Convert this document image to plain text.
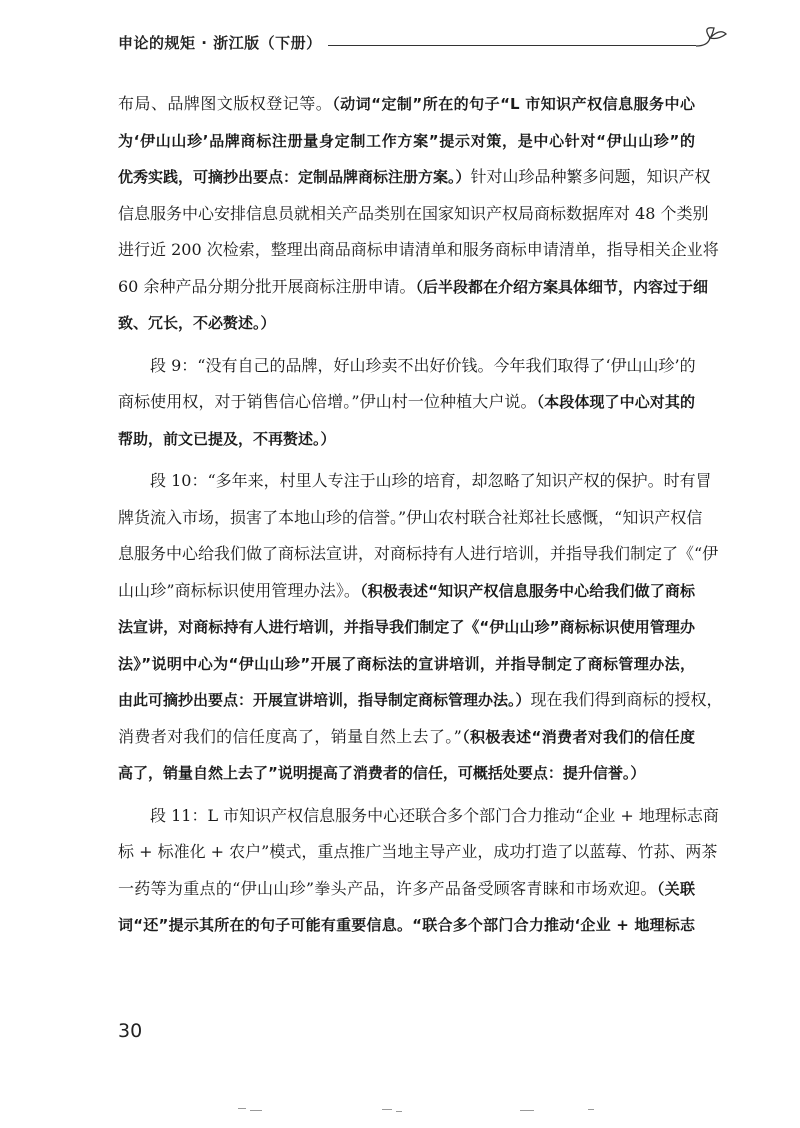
申论的规矩 · 浙江版（下册）
布局、品牌图文版权登记等。（动词“定制”所在的句子“L 市知识产权信息服务中心
为‘伊山山珍’品牌商标注册量身定制工作方案”提示对策，是中心针对“伊山山珍”的
优秀实践，可摘抄出要点：定制品牌商标注册方案。）针对山珍品种繁多问题，知识产权
信息服务中心安排信息员就相关产品类别在国家知识产权局商标数据库对 48 个类别
进行近 200 次检索，整理出商品商标申请清单和服务商标申请清单，指导相关企业将
60 余种产品分期分批开展商标注册申请。（后半段都在介绍方案具体细节，内容过于细
致、冗长，不必赘述。）
段 9：“没有自己的品牌，好山珍卖不出好价钱。今年我们取得了‘伊山山珍’的
商标使用权，对于销售信心倍增。”伊山村一位种植大户说。（本段体现了中心对其的
帮助，前文已提及，不再赘述。）
段 10：“多年来，村里人专注于山珍的培育，却忽略了知识产权的保护。时有冒
牌货流入市场，损害了本地山珍的信誉。”伊山农村联合社郑社长感慨，“知识产权信
息服务中心给我们做了商标法宣讲，对商标持有人进行培训，并指导我们制定了《“伊
山山珍”商标标识使用管理办法》。（积极表述“知识产权信息服务中心给我们做了商标
法宣讲，对商标持有人进行培训，并指导我们制定了《“伊山山珍”商标标识使用管理办
法》”说明中心为“伊山山珍”开展了商标法的宣讲培训，并指导制定了商标管理办法，
由此可摘抄出要点：开展宣讲培训，指导制定商标管理办法。）现在我们得到商标的授权，
消费者对我们的信任度高了，销量自然上去了。”（积极表述“消费者对我们的信任度
高了，销量自然上去了”说明提高了消费者的信任，可概括处要点：提升信誉。）
段 11：L 市知识产权信息服务中心还联合多个部门合力推动“企业 + 地理标志商
标 + 标准化 + 农户”模式，重点推广当地主导产业，成功打造了以蓝莓、竹荪、两茶
一药等为重点的“伊山山珍”拳头产品，许多产品备受顾客青睐和市场欢迎。（关联
词“还”提示其所在的句子可能有重要信息。“联合多个部门合力推动‘企业 + 地理标志
30
